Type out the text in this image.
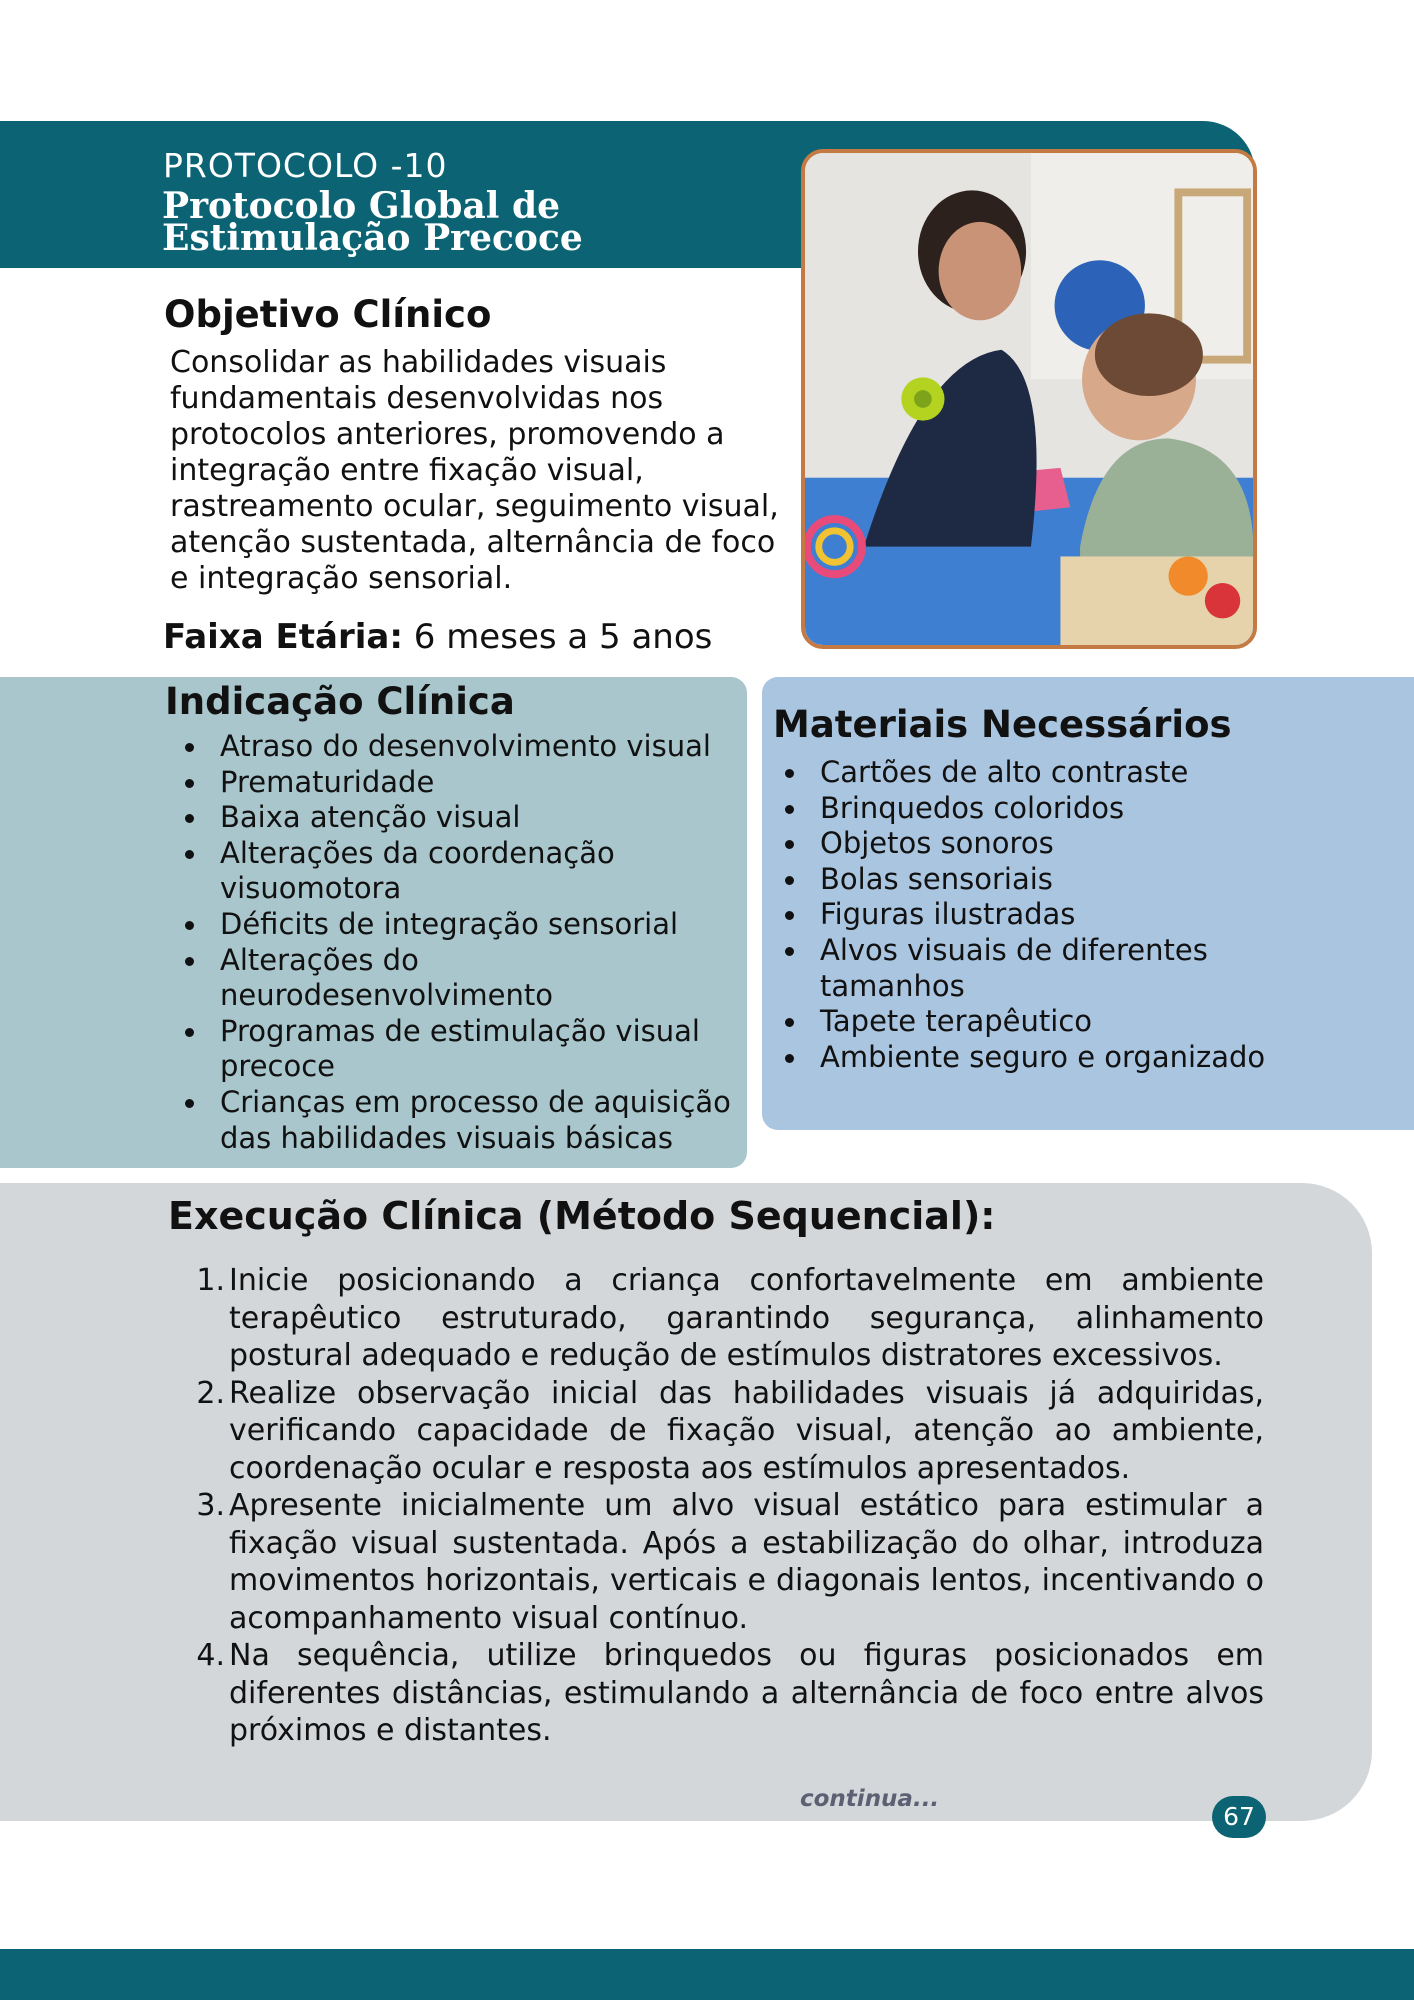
PROTOCOLO -10
Protocolo Global de Estimulação Precoce
Objetivo Clínico
Consolidar as habilidades visuais fundamentais desenvolvidas nos protocolos anteriores, promovendo a integração entre fixação visual, rastreamento ocular, seguimento visual, atenção sustentada, alternância de foco e integração sensorial.
Faixa Etária: 6 meses a 5 anos
Indicação Clínica
Atraso do desenvolvimento visual
Prematuridade
Baixa atenção visual
Alterações da coordenação visuomotora
Déficits de integração sensorial
Alterações do neurodesenvolvimento
Programas de estimulação visual precoce
Crianças em processo de aquisição das habilidades visuais básicas
Materiais Necessários
Cartões de alto contraste
Brinquedos coloridos
Objetos sonoros
Bolas sensoriais
Figuras ilustradas
Alvos visuais de diferentes tamanhos
Tapete terapêutico
Ambiente seguro e organizado
Execução Clínica (Método Sequencial):
1. Inicie posicionando a criança confortavelmente em ambiente terapêutico estruturado, garantindo segurança, alinhamento postural adequado e redução de estímulos distratores excessivos.
2. Realize observação inicial das habilidades visuais já adquiridas, verificando capacidade de fixação visual, atenção ao ambiente, coordenação ocular e resposta aos estímulos apresentados.
3. Apresente inicialmente um alvo visual estático para estimular a fixação visual sustentada. Após a estabilização do olhar, introduza movimentos horizontais, verticais e diagonais lentos, incentivando o acompanhamento visual contínuo.
4. Na sequência, utilize brinquedos ou figuras posicionados em diferentes distâncias, estimulando a alternância de foco entre alvos próximos e distantes.
continua...
67
